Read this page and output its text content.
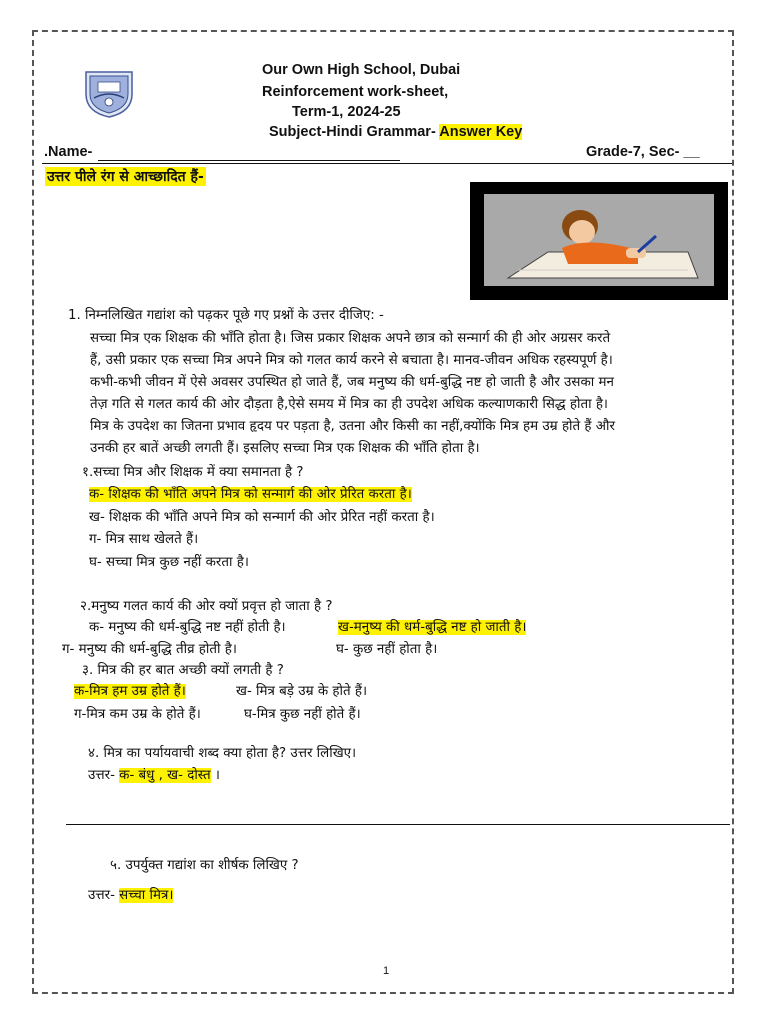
Our Own High School, Dubai
Reinforcement work-sheet,
Term-1, 2024-25
Subject-Hindi Grammar- Answer Key
.Name-	Grade-7, Sec- __
उत्तर पीले रंग से आच्छादित हैं-
1. निम्नलिखित गद्यांश को पढ़कर पूछे गए प्रश्नों के उत्तर दीजिए: -
सच्चा मित्र एक शिक्षक की भाँति होता है। जिस प्रकार शिक्षक अपने छात्र को सन्मार्ग की ही ओर अग्रसर करते
हैं, उसी प्रकार एक सच्चा मित्र अपने मित्र को गलत कार्य करने से बचाता है। मानव-जीवन अधिक रहस्यपूर्ण है।
कभी-कभी जीवन में ऐसे अवसर उपस्थित हो जाते हैं, जब मनुष्य की धर्म-बुद्धि नष्ट हो जाती है और उसका मन
तेज़ गति से गलत कार्य की ओर दौड़ता है,ऐसे समय में मित्र का ही उपदेश अधिक कल्याणकारी सिद्ध होता है।
मित्र के उपदेश का जितना प्रभाव हृदय पर पड़ता है, उतना और किसी का नहीं,क्योंकि मित्र हम उम्र होते हैं और
उनकी हर बातें अच्छी लगती हैं। इसलिए सच्चा मित्र एक शिक्षक की भाँति होता है।
१.सच्चा मित्र और शिक्षक में क्या समानता है ?
क- शिक्षक की भाँति अपने मित्र को सन्मार्ग की ओर प्रेरित करता है।
ख- शिक्षक की भाँति अपने मित्र को सन्मार्ग की ओर प्रेरित नहीं करता है।
ग- मित्र साथ खेलते हैं।
घ- सच्चा मित्र कुछ नहीं करता है।
२.मनुष्य गलत कार्य की ओर क्यों प्रवृत्त हो जाता है ?
क- मनुष्य की धर्म-बुद्धि नष्ट नहीं होती है।	ख-मनुष्य की धर्म-बुद्धि नष्ट हो जाती है।
ग- मनुष्य की धर्म-बुद्धि तीव्र होती है।	घ- कुछ नहीं होता है।
३. मित्र की हर बात अच्छी क्यों लगती है ?
क-मित्र हम उम्र होते हैं।	ख- मित्र बड़े उम्र के होते हैं।
ग-मित्र कम उम्र के होते हैं।	घ-मित्र कुछ नहीं होते हैं।
४. मित्र का पर्यायवाची शब्द क्या होता है? उत्तर लिखिए।
उत्तर- क- बंधु , ख- दोस्त ।
५. उपर्युक्त गद्यांश का शीर्षक लिखिए ?
उत्तर- सच्चा मित्र।
1
